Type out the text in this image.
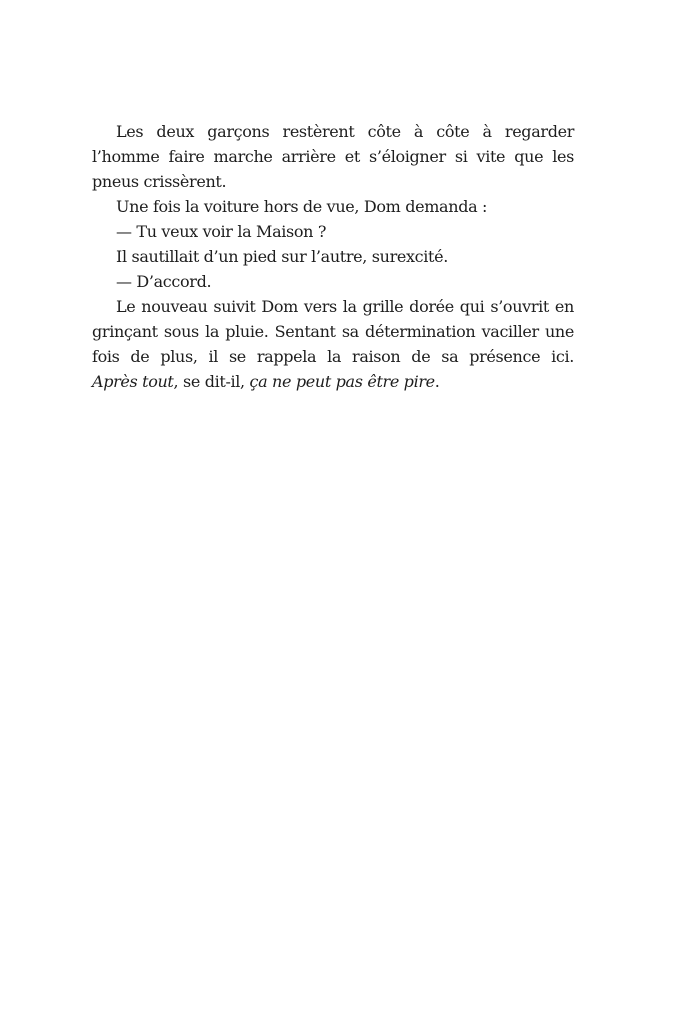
Les deux garçons restèrent côte à côte à regarder l’homme faire marche arrière et s’éloigner si vite que les pneus crissèrent.

Une fois la voiture hors de vue, Dom demanda :

— Tu veux voir la Maison ?

Il sautillait d’un pied sur l’autre, surexcité.

— D’accord.

Le nouveau suivit Dom vers la grille dorée qui s’ouvrit en grinçant sous la pluie. Sentant sa détermination vaciller une fois de plus, il se rappela la raison de sa présence ici.

Après tout, se dit-il, ça ne peut pas être pire.
